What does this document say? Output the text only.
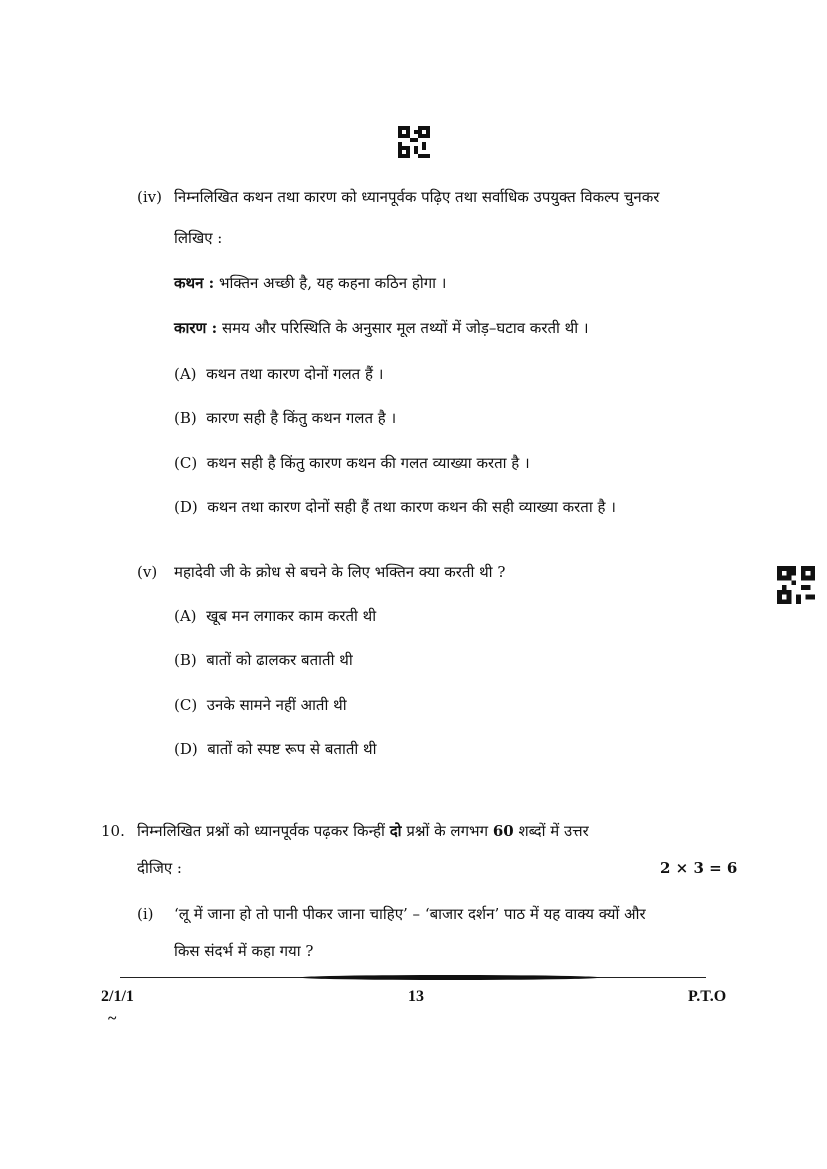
(iv) निम्नलिखित कथन तथा कारण को ध्यानपूर्वक पढ़िए तथा सर्वाधिक उपयुक्त विकल्प चुनकर
लिखिए :
कथन : भक्तिन अच्छी है, यह कहना कठिन होगा ।
कारण : समय और परिस्थिति के अनुसार मूल तथ्यों में जोड़–घटाव करती थी ।
(A) कथन तथा कारण दोनों गलत हैं ।
(B) कारण सही है किंतु कथन गलत है ।
(C) कथन सही है किंतु कारण कथन की गलत व्याख्या करता है ।
(D) कथन तथा कारण दोनों सही हैं तथा कारण कथन की सही व्याख्या करता है ।
(v) महादेवी जी के क्रोध से बचने के लिए भक्तिन क्या करती थी ?
(A) खूब मन लगाकर काम करती थी
(B) बातों को ढालकर बताती थी
(C) उनके सामने नहीं आती थी
(D) बातों को स्पष्ट रूप से बताती थी
10. निम्नलिखित प्रश्नों को ध्यानपूर्वक पढ़कर किन्हीं दो प्रश्नों के लगभग 60 शब्दों में उत्तर
दीजिए :	2 × 3 = 6
(i) ‘लू में जाना हो तो पानी पीकर जाना चाहिए’ – ‘बाजार दर्शन’ पाठ में यह वाक्य क्यों और
किस संदर्भ में कहा गया ?
2/1/1	13	P.T.O
~
